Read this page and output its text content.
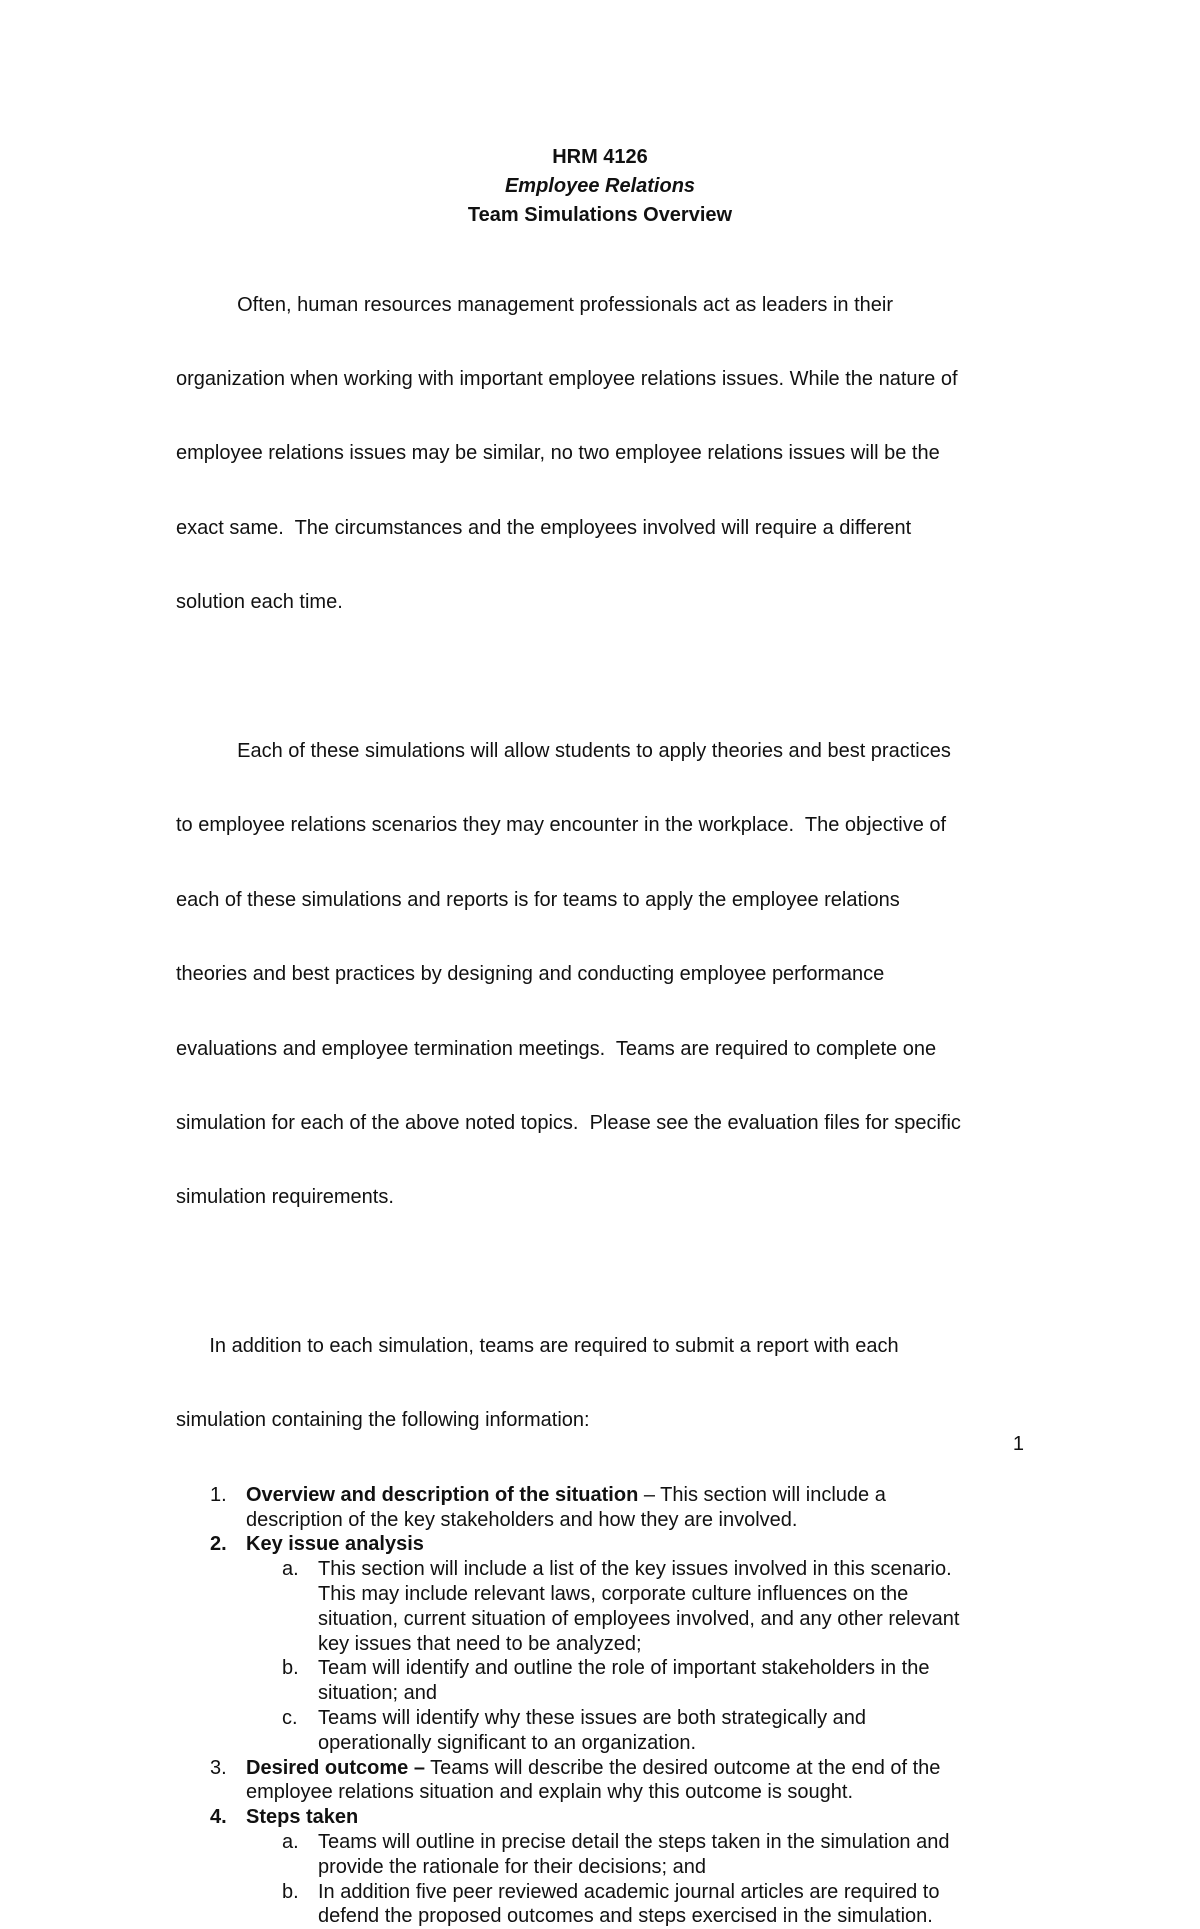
HRM 4126
Employee Relations
Team Simulations Overview

Often, human resources management professionals act as leaders in their

organization when working with important employee relations issues. While the nature of

employee relations issues may be similar, no two employee relations issues will be the

exact same.  The circumstances and the employees involved will require a different

solution each time.

Each of these simulations will allow students to apply theories and best practices

to employee relations scenarios they may encounter in the workplace.  The objective of

each of these simulations and reports is for teams to apply the employee relations

theories and best practices by designing and conducting employee performance

evaluations and employee termination meetings.  Teams are required to complete one

simulation for each of the above noted topics.  Please see the evaluation files for specific

simulation requirements.

In addition to each simulation, teams are required to submit a report with each

simulation containing the following information:

1. Overview and description of the situation – This section will include a
description of the key stakeholders and how they are involved.
2. Key issue analysis
a. This section will include a list of the key issues involved in this scenario.
This may include relevant laws, corporate culture influences on the
situation, current situation of employees involved, and any other relevant
key issues that need to be analyzed;
b. Team will identify and outline the role of important stakeholders in the
situation; and
c. Teams will identify why these issues are both strategically and
operationally significant to an organization.
3. Desired outcome – Teams will describe the desired outcome at the end of the
employee relations situation and explain why this outcome is sought.
4. Steps taken
a. Teams will outline in precise detail the steps taken in the simulation and
provide the rationale for their decisions; and
b. In addition five peer reviewed academic journal articles are required to
defend the proposed outcomes and steps exercised in the simulation.
1
